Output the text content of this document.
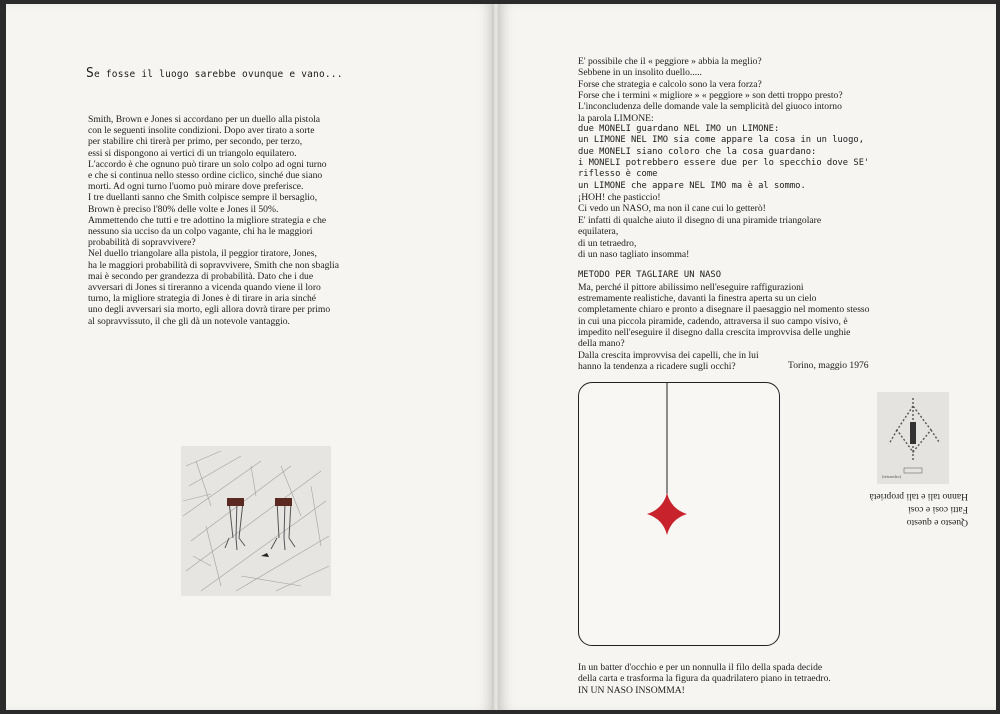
Se fosse il luogo sarebbe ovunque e vano...

Smith, Brown e Jones si accordano per un duello alla pistola

con le seguenti insolite condizioni. Dopo aver tirato a sorte

per stabilire chi tirerà per primo, per secondo, per terzo,

essi si dispongono ai vertici di un triangolo equilatero.

L'accordo è che ognuno può tirare un solo colpo ad ogni turno

e che si continua nello stesso ordine ciclico, sinché due siano

morti. Ad ogni turno l'uomo può mirare dove preferisce.

I tre duellanti sanno che Smith colpisce sempre il bersaglio,

Brown è preciso l'80% delle volte e Jones il 50%.

Ammettendo che tutti e tre adottino la migliore strategia e che

nessuno sia ucciso da un colpo vagante, chi ha le maggiori

probabilità di sopravvivere?

Nel duello triangolare alla pistola, il peggior tiratore, Jones,

ha le maggiori probabilità di sopravvivere, Smith che non sbaglia

mai è secondo per grandezza di probabilità. Dato che i due

avversari di Jones si tireranno a vicenda quando viene il loro

turno, la migliore strategia di Jones è di tirare in aria sinché

uno degli avversari sia morto, egli allora dovrà tirare per primo

al sopravvissuto, il che gli dà un notevole vantaggio.

E' possibile che il « peggiore » abbia la meglio?

Sebbene in un insolito duello.....

Forse che strategia e calcolo sono la vera forza?

Forse che i termini « migliore » « peggiore » son detti troppo presto?

L'inconcludenza delle domande vale la semplicità del giuoco intorno

la parola LIMONE:

due MONELI guardano NEL IMO un LIMONE:

un LIMONE NEL IMO sia come appare la cosa in un luogo,

due MONELI siano coloro che la cosa guardano:

i MONELI potrebbero essere due per lo specchio dove SE' riflesso è come

un LIMONE che appare NEL IMO ma è al sommo.

¡HOH! che pasticcio!

Ci vedo un NASO, ma non il cane cui lo getterò!

E' infatti di qualche aiuto il disegno di una piramide triangolare

equilatera,

di un tetraedro,

di un naso tagliato insomma!

METODO PER TAGLIARE UN NASO

Ma, perché il pittore abilissimo nell'eseguire raffigurazioni

estremamente realistiche, davanti la finestra aperta su un cielo

completamente chiaro e pronto a disegnare il paesaggio nel momento stesso

in cui una piccola piramide, cadendo, attraversa il suo campo visivo, è

impedito nell'eseguire il disegno dalla crescita improvvisa delle unghie

della mano?

Dalla crescita improvvisa dei capelli, che in lui

hanno la tendenza a ricadere sugli occhi?	Torino, maggio 1976
(tetraedro)

Questo e questo

Fatti così e così

Hanno tali e tali proprietà

In un batter d'occhio e per un nonnulla il filo della spada decide

della carta e trasforma la figura da quadrilatero piano in tetraedro.

IN UN NASO INSOMMA!
